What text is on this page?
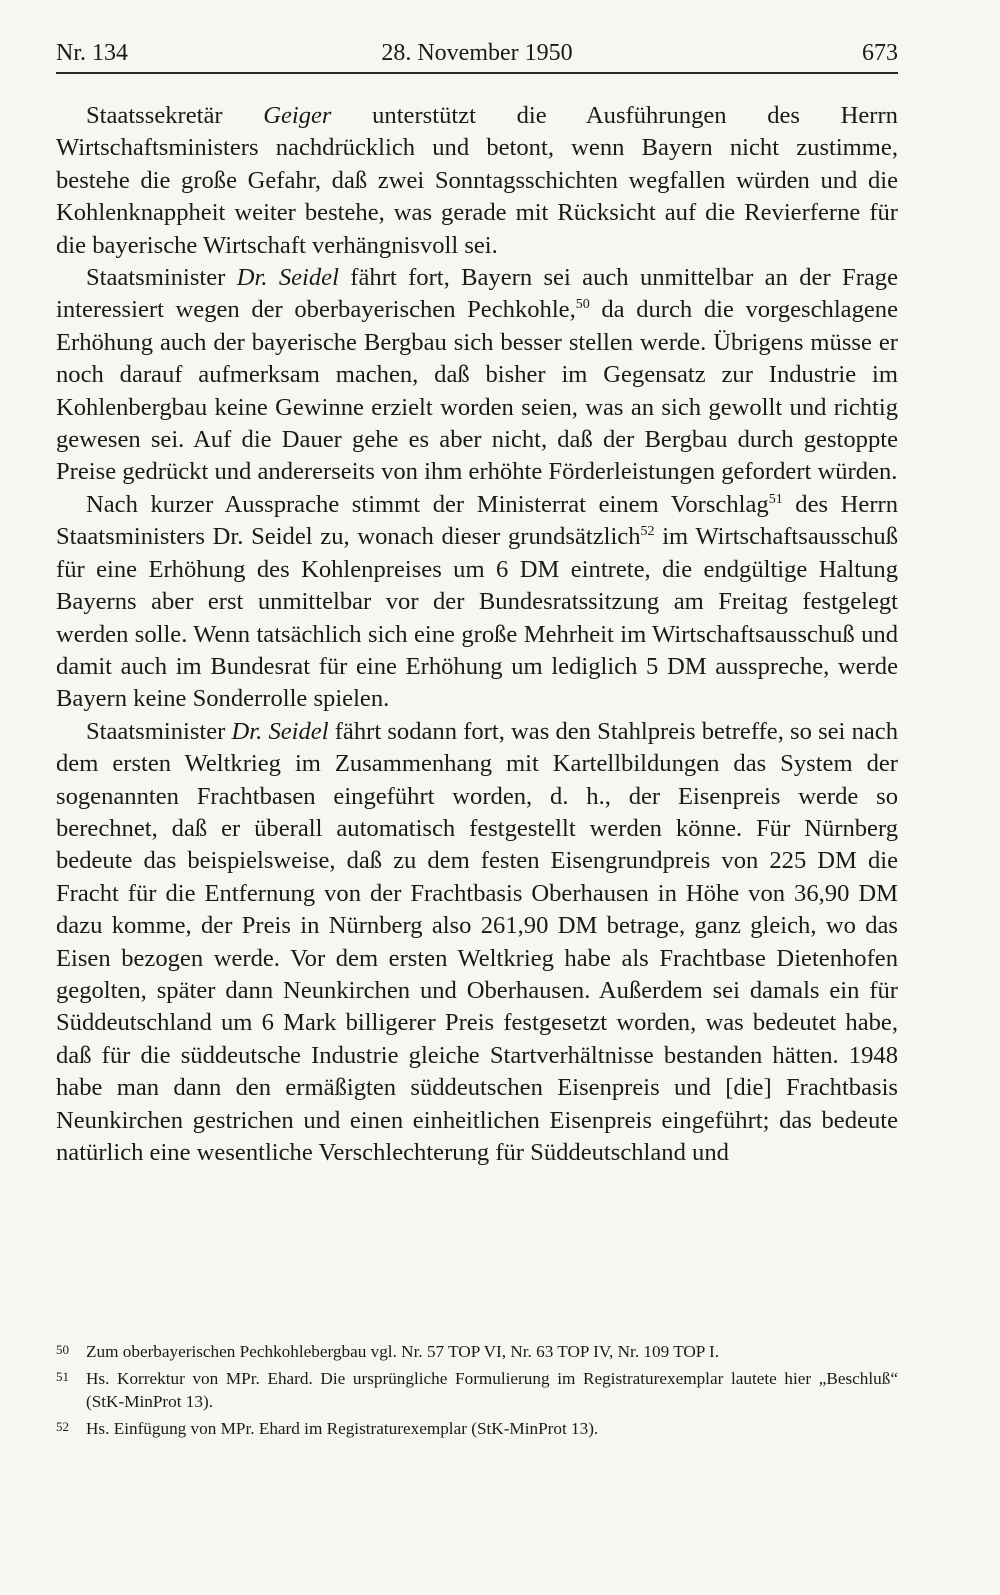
Nr. 134	28. November 1950	673

Staatssekretär Geiger unterstützt die Ausführungen des Herrn Wirtschaftsministers nachdrücklich und betont, wenn Bayern nicht zustimme, bestehe die große Gefahr, daß zwei Sonntagsschichten wegfallen würden und die Kohlenknappheit weiter bestehe, was gerade mit Rücksicht auf die Revierferne für die bayerische Wirtschaft verhängnisvoll sei.

Staatsminister Dr. Seidel fährt fort, Bayern sei auch unmittelbar an der Frage interessiert wegen der oberbayerischen Pechkohle,$^{50}$ da durch die vorgeschlagene Erhöhung auch der bayerische Bergbau sich besser stellen werde. Übrigens müsse er noch darauf aufmerksam machen, daß bisher im Gegensatz zur Industrie im Kohlenbergbau keine Gewinne erzielt worden seien, was an sich gewollt und richtig gewesen sei. Auf die Dauer gehe es aber nicht, daß der Bergbau durch gestoppte Preise gedrückt und andererseits von ihm erhöhte Förderleistungen gefordert würden.

Nach kurzer Aussprache stimmt der Ministerrat einem Vorschlag$^{51}$ des Herrn Staatsministers Dr. Seidel zu, wonach dieser grundsätzlich$^{52}$ im Wirtschaftsausschuß für eine Erhöhung des Kohlenpreises um 6 DM eintrete, die endgültige Haltung Bayerns aber erst unmittelbar vor der Bundesratssitzung am Freitag festgelegt werden solle. Wenn tatsächlich sich eine große Mehrheit im Wirtschaftsausschuß und damit auch im Bundesrat für eine Erhöhung um lediglich 5 DM ausspreche, werde Bayern keine Sonderrolle spielen.

Staatsminister Dr. Seidel fährt sodann fort, was den Stahlpreis betreffe, so sei nach dem ersten Weltkrieg im Zusammenhang mit Kartellbildungen das System der sogenannten Frachtbasen eingeführt worden, d. h., der Eisenpreis werde so berechnet, daß er überall automatisch festgestellt werden könne. Für Nürnberg bedeute das beispielsweise, daß zu dem festen Eisengrundpreis von 225 DM die Fracht für die Entfernung von der Frachtbasis Oberhausen in Höhe von 36,90 DM dazu komme, der Preis in Nürnberg also 261,90 DM betrage, ganz gleich, wo das Eisen bezogen werde. Vor dem ersten Weltkrieg habe als Frachtbase Dietenhofen gegolten, später dann Neunkirchen und Oberhausen. Außerdem sei damals ein für Süddeutschland um 6 Mark billigerer Preis festgesetzt worden, was bedeutet habe, daß für die süddeutsche Industrie gleiche Startverhältnisse bestanden hätten. 1948 habe man dann den ermäßigten süddeutschen Eisenpreis und [die] Frachtbasis Neunkirchen gestrichen und einen einheitlichen Eisenpreis eingeführt; das bedeute natürlich eine wesentliche Verschlechterung für Süddeutschland und

50 Zum oberbayerischen Pechkohlebergbau vgl. Nr. 57 TOP VI, Nr. 63 TOP IV, Nr. 109 TOP I.
51 Hs. Korrektur von MPr. Ehard. Die ursprüngliche Formulierung im Registraturexemplar lautete hier „Beschluß“ (StK-MinProt 13).
52 Hs. Einfügung von MPr. Ehard im Registraturexemplar (StK-MinProt 13).
